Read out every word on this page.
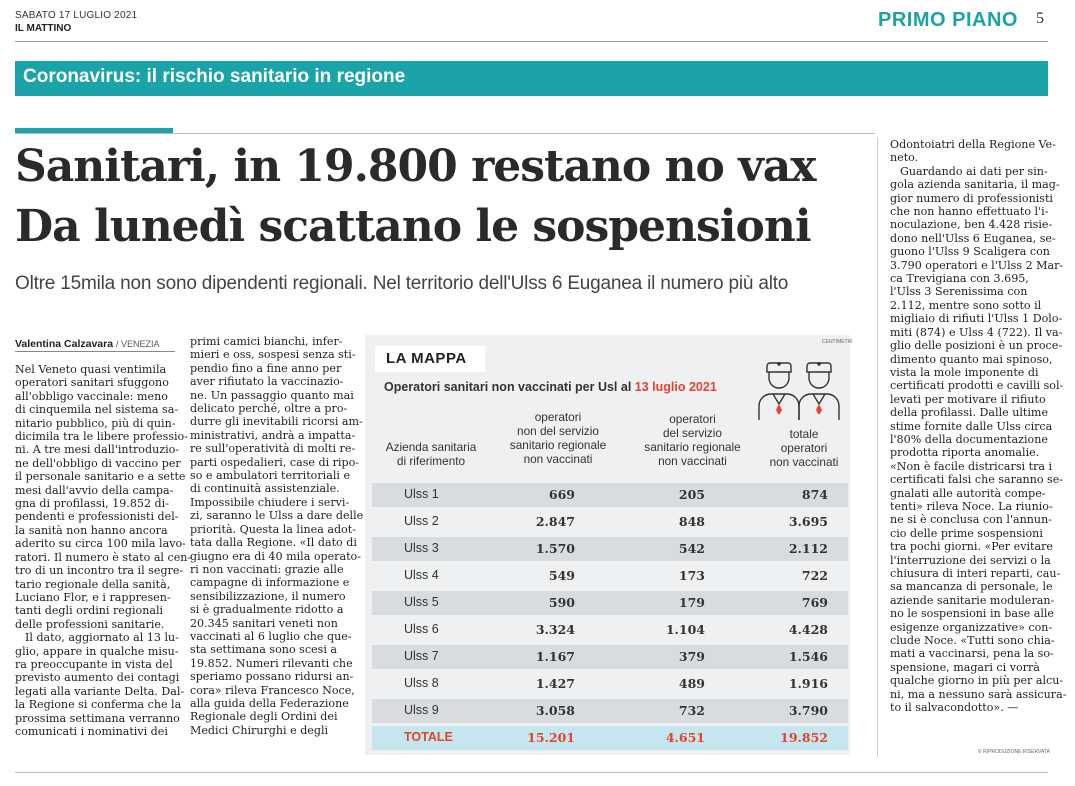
SABATO 17 LUGLIO 2021
IL MATTINO	PRIMO PIANO 5
Coronavirus: il rischio sanitario in regione
Sanitari, in 19.800 restano no vax
Da lunedì scattano le sospensioni
Oltre 15mila non sono dipendenti regionali. Nel territorio dell'Ulss 6 Euganea il numero più alto
Valentina Calzavara / VENEZIA

Nel Veneto quasi ventimila

operatori sanitari sfuggono

all'obbligo vaccinale: meno

di cinquemila nel sistema sa-

nitario pubblico, più di quin-

dicimila tra le libere professio-

ni. A tre mesi dall'introduzio-

ne dell'obbligo di vaccino per

il personale sanitario e a sette

mesi dall'avvio della campa-

gna di profilassi, 19.852 di-

pendenti e professionisti del-

la sanità non hanno ancora

aderito su circa 100 mila lavo-

ratori. Il numero è stato al cen-

tro di un incontro tra il segre-

tario regionale della sanità,

Luciano Flor, e i rappresen-

tanti degli ordini regionali

delle professioni sanitarie.

Il dato, aggiornato al 13 lu-

glio, appare in qualche misu-

ra preoccupante in vista del

previsto aumento dei contagi

legati alla variante Delta. Dal-

la Regione si conferma che la

prossima settimana verranno

comunicati i nominativi dei

primi camici bianchi, infer-

mieri e oss, sospesi senza sti-

pendio fino a fine anno per

aver rifiutato la vaccinazio-

ne. Un passaggio quanto mai

delicato perché, oltre a pro-

durre gli inevitabili ricorsi am-

ministrativi, andrà a impatta-

re sull'operatività di molti re-

parti ospedalieri, case di ripo-

so e ambulatori territoriali e

di continuità assistenziale.

Impossibile chiudere i servi-

zi, saranno le Ulss a dare delle

priorità. Questa la linea adot-

tata dalla Regione. «Il dato di

giugno era di 40 mila operato-

ri non vaccinati: grazie alle

campagne di informazione e

sensibilizzazione, il numero

si è gradualmente ridotto a

20.345 sanitari veneti non

vaccinati al 6 luglio che que-

sta settimana sono scesi a

19.852. Numeri rilevanti che

speriamo possano ridursi an-

cora» rileva Francesco Noce,

alla guida della Federazione

Regionale degli Ordini dei

Medici Chirurghi e degli

Odontoiatri della Regione Ve-

neto.

Guardando ai dati per sin-

gola azienda sanitaria, il mag-

gior numero di professionisti

che non hanno effettuato l'i-

noculazione, ben 4.428 risie-

dono nell'Ulss 6 Euganea, se-

guono l'Ulss 9 Scaligera con

3.790 operatori e l'Ulss 2 Mar-

ca Trevigiana con 3.695,

l'Ulss 3 Serenissima con

2.112, mentre sono sotto il

migliaio di rifiuti l'Ulss 1 Dolo-

miti (874) e Ulss 4 (722). Il va-

glio delle posizioni è un proce-

dimento quanto mai spinoso,

vista la mole imponente di

certificati prodotti e cavilli sol-

levati per motivare il rifiuto

della profilassi. Dalle ultime

stime fornite dalle Ulss circa

l'80% della documentazione

prodotta riporta anomalie.

«Non è facile districarsi tra i

certificati falsi che saranno se-

gnalati alle autorità compe-

tenti» rileva Noce. La riunio-

ne si è conclusa con l'annun-

cio delle prime sospensioni

tra pochi giorni. «Per evitare

l'interruzione dei servizi o la

chiusura di interi reparti, cau-

sa mancanza di personale, le

aziende sanitarie moduleran-

no le sospensioni in base alle

esigenze organizzative» con-

clude Noce. «Tutti sono chia-

mati a vaccinarsi, pena la so-

spensione, magari ci vorrà

qualche giorno in più per alcu-

ni, ma a nessuno sarà assicura-

to il salvacondotto». —

CENTIMETRI
LA MAPPA
Operatori sanitari non vaccinati per Usl al 13 luglio 2021
Azienda sanitaria
di riferimento
operatori
non del servizio
sanitario regionale
non vaccinati
operatori
del servizio
sanitario regionale
non vaccinati
totale
operatori
non vaccinati
Ulss 1	669	205	874
Ulss 2	2.847	848	3.695
Ulss 3	1.570	542	2.112
Ulss 4	549	173	722
Ulss 5	590	179	769
Ulss 6	3.324	1.104	4.428
Ulss 7	1.167	379	1.546
Ulss 8	1.427	489	1.916
Ulss 9	3.058	732	3.790
TOTALE	15.201	4.651	19.852
© RIPRODUZIONE RISERVATA
